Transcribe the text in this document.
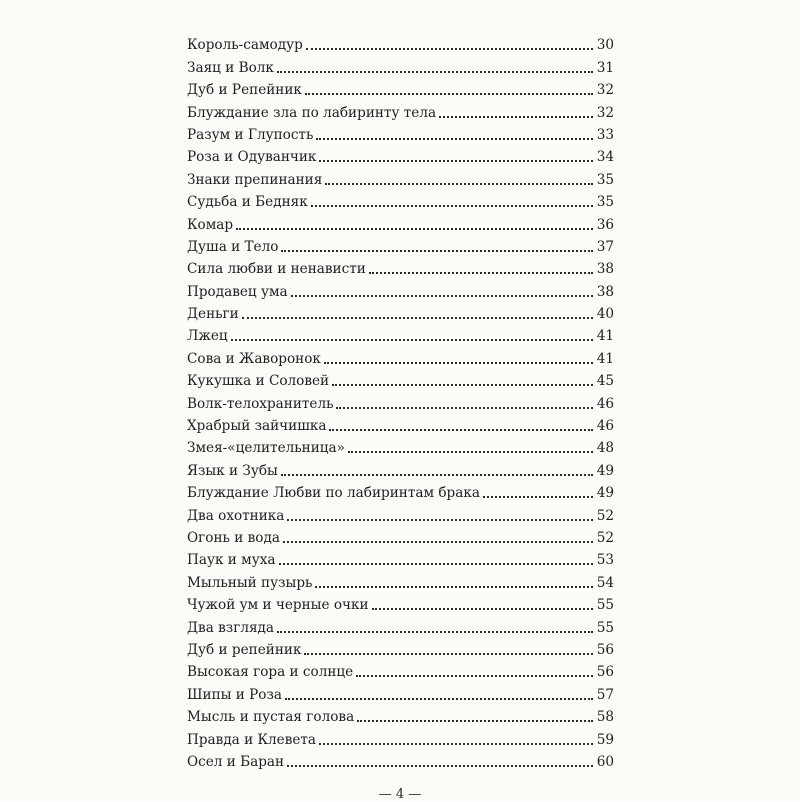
Король-самодур	30
Заяц и Волк	31
Дуб и Репейник	32
Блуждание зла по лабиринту тела	32
Разум и Глупость	33
Роза и Одуванчик	34
Знаки препинания	35
Судьба и Бедняк	35
Комар	36
Душа и Тело	37
Сила любви и ненависти	38
Продавец ума	38
Деньги	40
Лжец	41
Сова и Жаворонок	41
Кукушка и Соловей	45
Волк-телохранитель	46
Храбрый зайчишка	46
Змея-«целительница»	48
Язык и Зубы	49
Блуждание Любви по лабиринтам брака	49
Два охотника	52
Огонь и вода	52
Паук и муха	53
Мыльный пузырь	54
Чужой ум и черные очки	55
Два взгляда	55
Дуб и репейник	56
Высокая гора и солнце	56
Шипы и Роза	57
Мысль и пустая голова	58
Правда и Клевета	59
Осел и Баран	60
— 4 —
